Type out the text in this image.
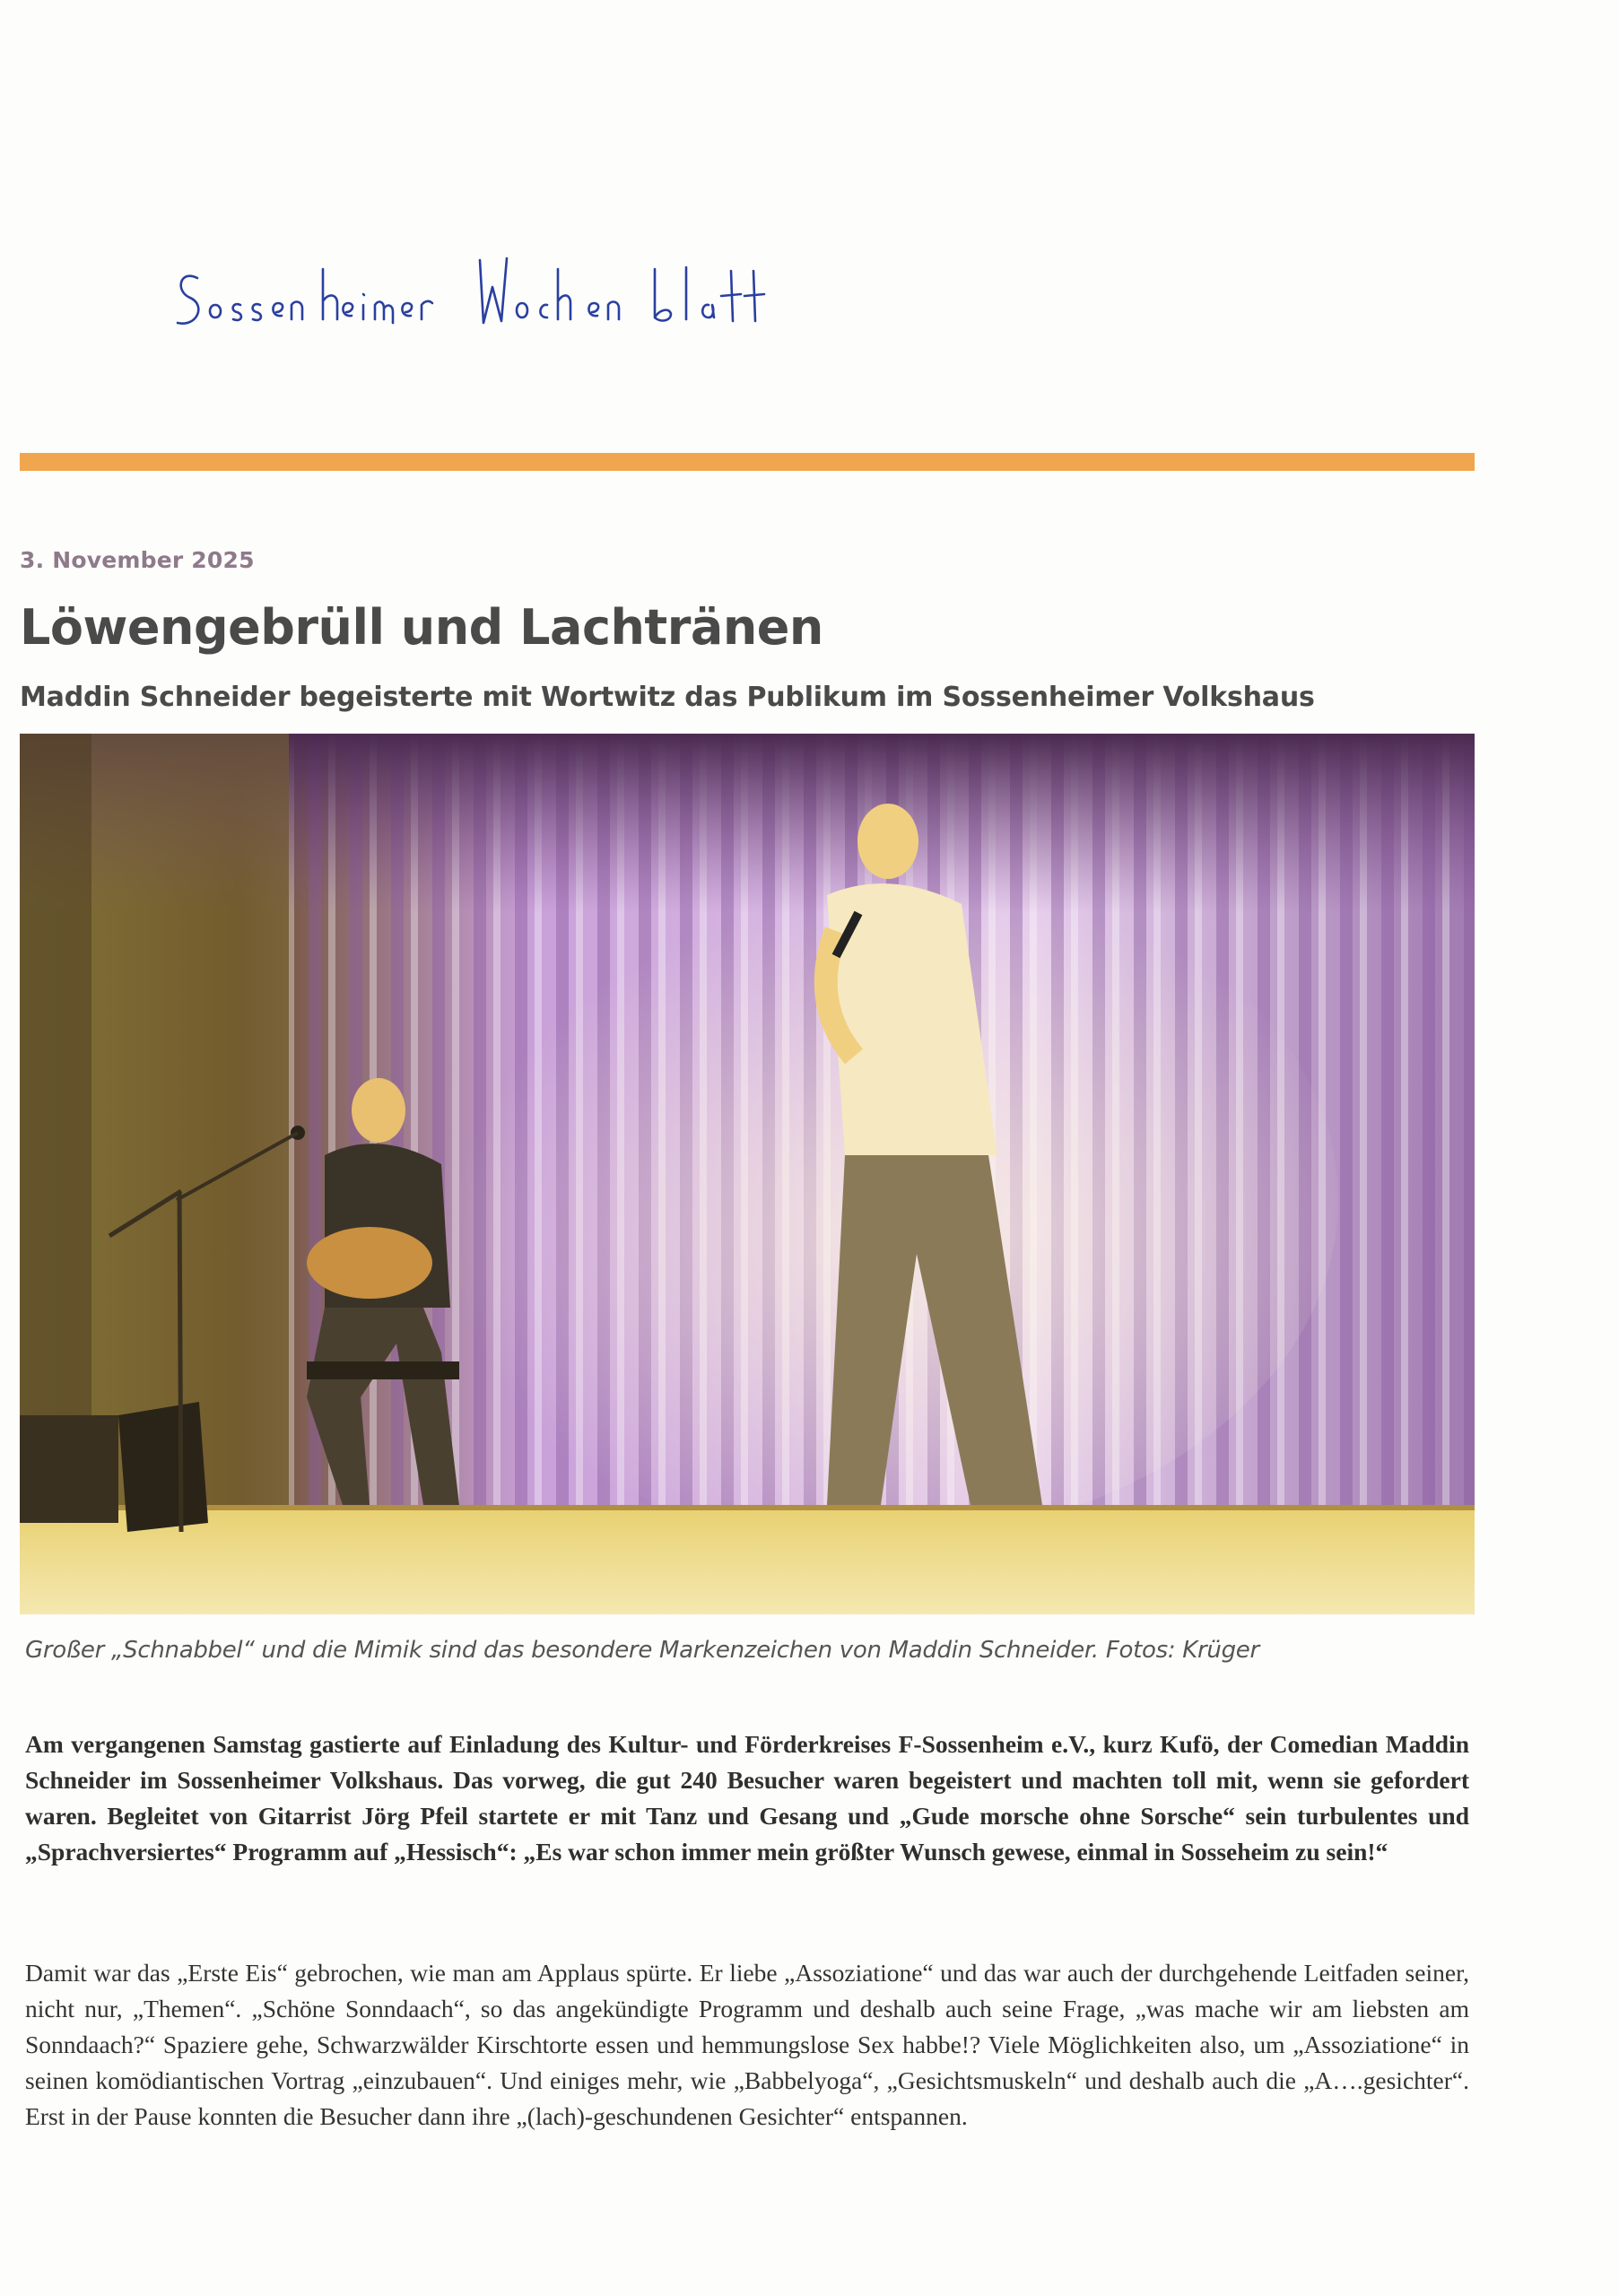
3. November 2025
Löwengebrüll und Lachtränen
Maddin Schneider begeisterte mit Wortwitz das Publikum im Sossenheimer Volkshaus
Großer „Schnabbel“ und die Mimik sind das besondere Markenzeichen von Maddin Schneider. Fotos: Krüger

Am vergangenen Samstag gastierte auf Einladung des Kultur- und Förderkreises F-Sossenheim e.V., kurz Kufö, der Comedian Maddin Schneider im Sossenheimer Volkshaus. Das vorweg, die gut 240 Besucher waren begeistert und machten toll mit, wenn sie gefordert waren. Begleitet von Gitarrist Jörg Pfeil startete er mit Tanz und Gesang und „Gude morsche ohne Sorsche“ sein turbulentes und „Sprachversiertes“ Programm auf „Hessisch“: „Es war schon immer mein größter Wunsch gewese, einmal in Sosseheim zu sein!“

Damit war das „Erste Eis“ gebrochen, wie man am Applaus spürte. Er liebe „Assoziatione“ und das war auch der durchgehende Leitfaden seiner, nicht nur, „Themen“. „Schöne Sonndaach“, so das angekündigte Programm und deshalb auch seine Frage, „was mache wir am liebsten am Sonndaach?“ Spaziere gehe, Schwarzwälder Kirschtorte essen und hemmungslose Sex habbe!? Viele Möglichkeiten also, um „Assoziatione“ in seinen komödiantischen Vortrag „einzubauen“. Und einiges mehr, wie „Babbelyoga“, „Gesichtsmuskeln“ und deshalb auch die „A….gesichter“. Erst in der Pause konnten die Besucher dann ihre „(lach)-geschundenen Gesichter“ entspannen.
